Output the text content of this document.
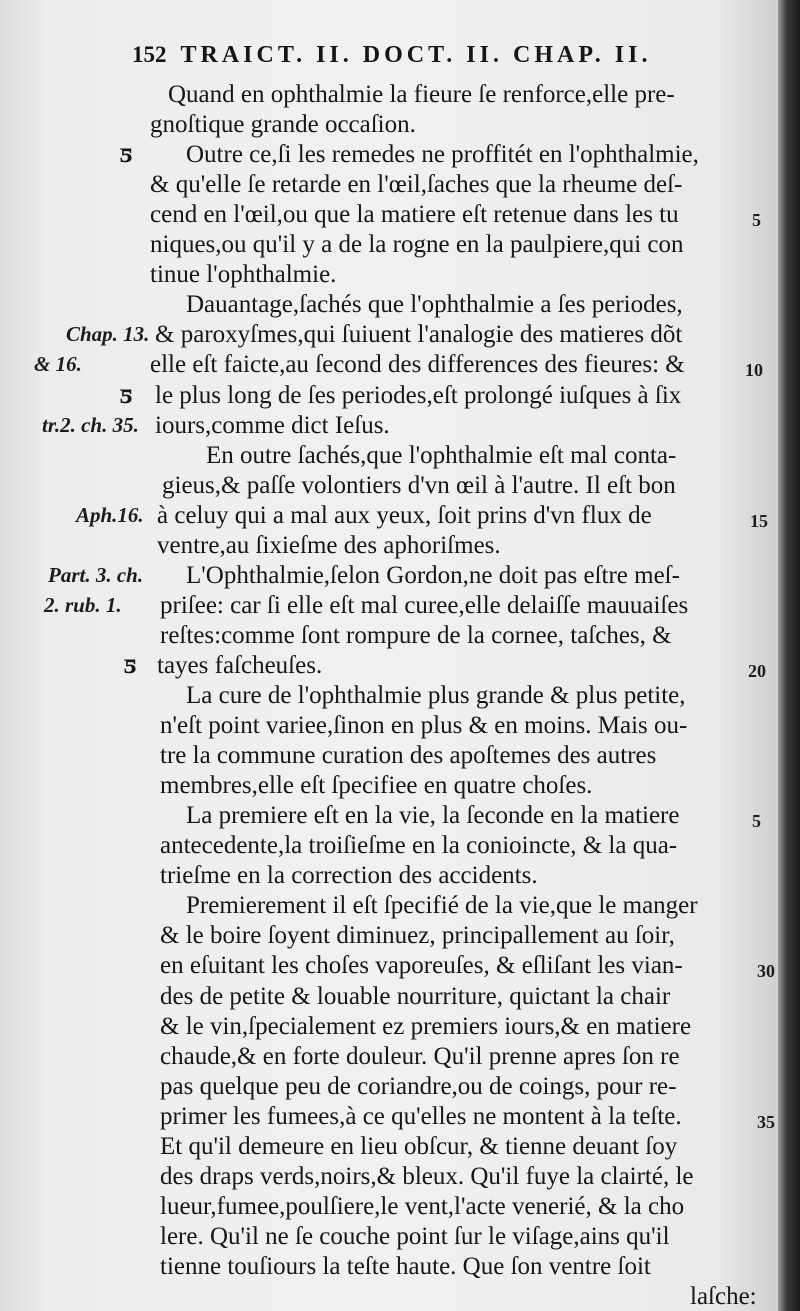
152 TRAICT. II. DOCT. II. CHAP. II.
Quand en ophthalmie la fieure ſe renforce,elle pre-
gnoſtique grande occaſion.
Outre ce,ſi les remedes ne proffitét en l'ophthalmie,
& qu'elle ſe retarde en l'œil,ſaches que la rheume deſ-
cend en l'œil,ou que la matiere eſt retenue dans les tu
niques,ou qu'il y a de la rogne en la paulpiere,qui con
tinue l'ophthalmie.
Dauantage,ſachés que l'ophthalmie a ſes periodes,
& paroxyſmes,qui ſuiuent l'analogie des matieres dõt
elle eſt faicte,au ſecond des differences des fieures: &
le plus long de ſes periodes,eſt prolongé iuſques à ſix
iours,comme dict Ieſus.
En outre ſachés,que l'ophthalmie eſt mal conta-
gieus,& paſſe volontiers d'vn œil à l'autre. Il eſt bon
à celuy qui a mal aux yeux, ſoit prins d'vn flux de
ventre,au ſixieſme des aphoriſmes.
L'Ophthalmie,ſelon Gordon,ne doit pas eſtre meſ-
priſee: car ſi elle eſt mal curee,elle delaiſſe mauuaiſes
reſtes:comme ſont rompure de la cornee, taſches, &
tayes faſcheuſes.
La cure de l'ophthalmie plus grande & plus petite,
n'eſt point variee,ſinon en plus & en moins. Mais ou-
tre la commune curation des apoſtemes des autres
membres,elle eſt ſpecifiee en quatre choſes.
La premiere eſt en la vie, la ſeconde en la matiere
antecedente,la troiſieſme en la conioincte, & la qua-
trieſme en la correction des accidents.
Premierement il eſt ſpecifié de la vie,que le manger
& le boire ſoyent diminuez, principallement au ſoir,
en eſuitant les choſes vaporeuſes, & eſliſant les vian-
des de petite & louable nourriture, quictant la chair
& le vin,ſpecialement ez premiers iours,& en matiere
chaude,& en forte douleur. Qu'il prenne apres ſon re
pas quelque peu de coriandre,ou de coings, pour re-
primer les fumees,à ce qu'elles ne montent à la teſte.
Et qu'il demeure en lieu obſcur, & tienne deuant ſoy
des draps verds,noirs,& bleux. Qu'il fuye la clairté, le
lueur,fumee,poulſiere,le vent,l'acte venerié, & la cho
lere. Qu'il ne ſe couche point ſur le viſage,ains qu'il
tienne touſiours la teſte haute. Que ſon ventre ſoit
laſche:
Chap. 13.
& 16.
tr.2. ch. 35.
Aph.16.
Part. 3. ch.
2. rub. 1.
ƽ
ƽ
ƽ
5
10
15
20
5
30
35
